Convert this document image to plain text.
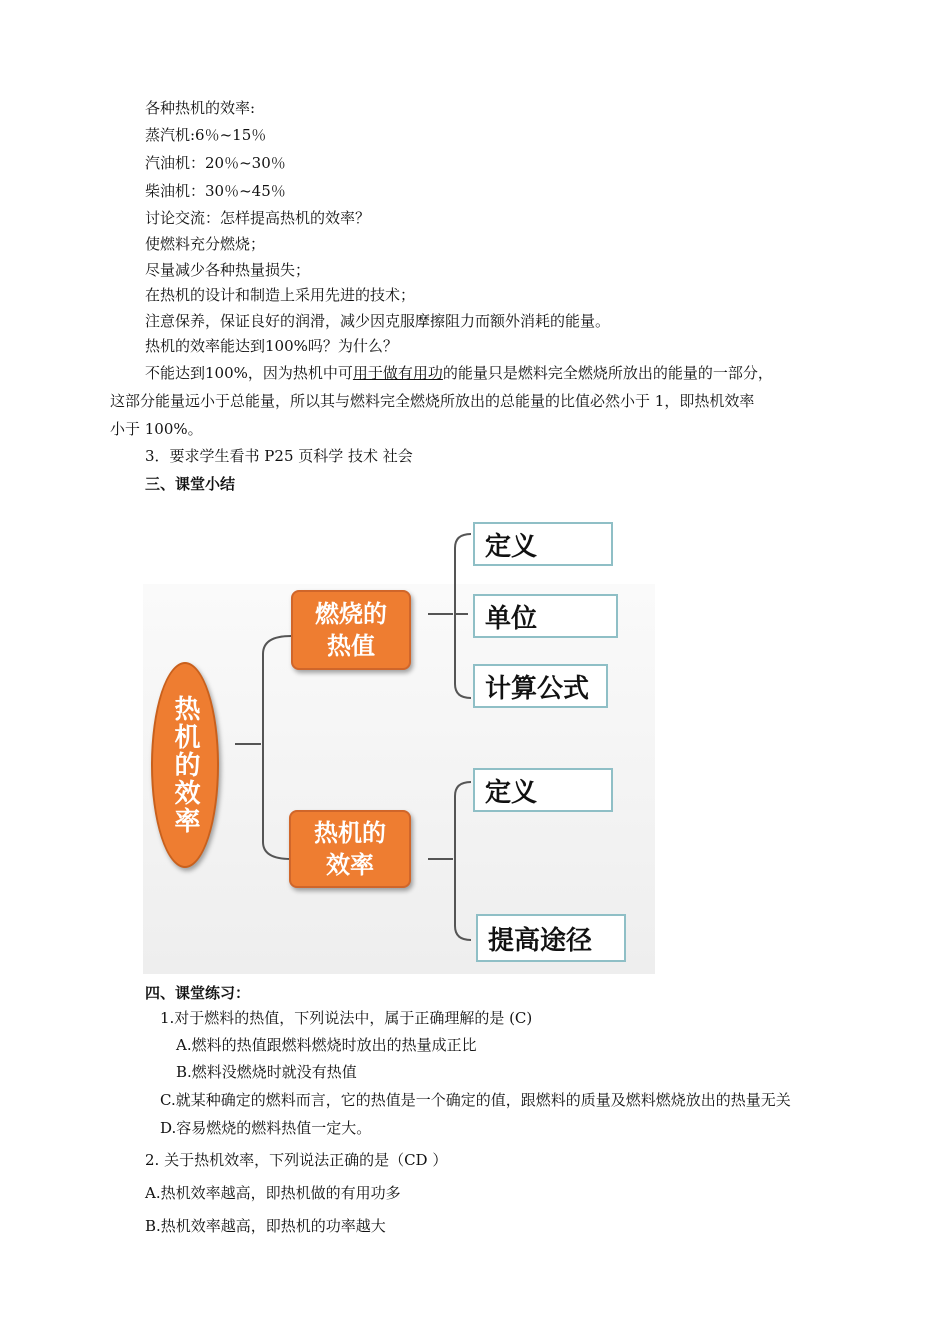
各种热机的效率:
蒸汽机:6％~15％
汽油机：20％~30％
柴油机：30％~45％
讨论交流：怎样提高热机的效率？
使燃料充分燃烧；
尽量减少各种热量损失；
在热机的设计和制造上采用先进的技术；
注意保养，保证良好的润滑，减少因克服摩擦阻力而额外消耗的能量。
热机的效率能达到100%吗？为什么？
不能达到100%，因为热机中可用于做有用功的能量只是燃料完全燃烧所放出的能量的一部分，
这部分能量远小于总能量，所以其与燃料完全燃烧所放出的总能量的比值必然小于 1，即热机效率
小于 100%。
3．要求学生看书 P25 页科学 技术 社会
三、课堂小结
热机的效率
燃烧的
热值
热机的
效率
定义
单位
计算公式
定义
提高途径
四、课堂练习：
1.对于燃料的热值，下列说法中，属于正确理解的是 (C)
A.燃料的热值跟燃料燃烧时放出的热量成正比
B.燃料没燃烧时就没有热值
C.就某种确定的燃料而言，它的热值是一个确定的值，跟燃料的质量及燃料燃烧放出的热量无关
D.容易燃烧的燃料热值一定大。
2. 关于热机效率，下列说法正确的是（CD ）
A.热机效率越高，即热机做的有用功多
B.热机效率越高，即热机的功率越大
